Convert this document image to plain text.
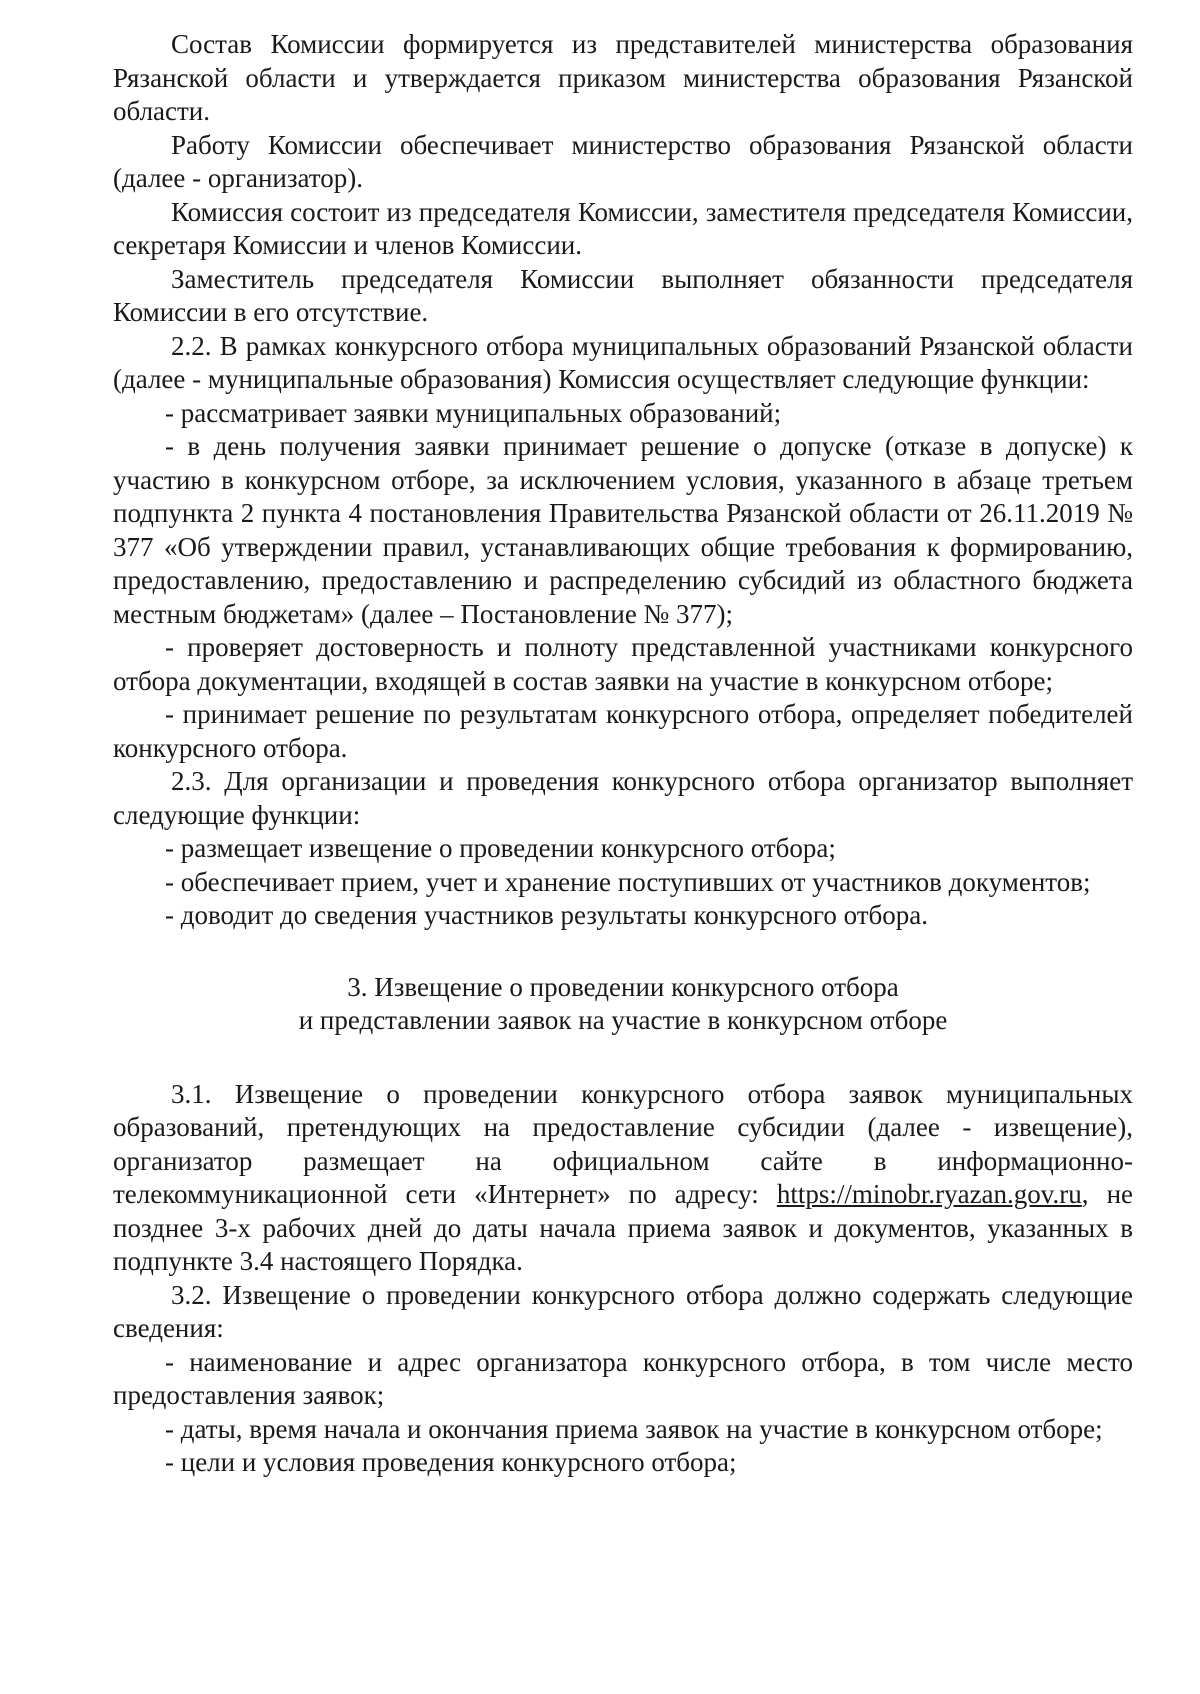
Состав Комиссии формируется из представителей министерства образования Рязанской области и утверждается приказом министерства образования Рязанской области.

Работу Комиссии обеспечивает министерство образования Рязанской области (далее - организатор).

Комиссия состоит из председателя Комиссии, заместителя председателя Комиссии, секретаря Комиссии и членов Комиссии.

Заместитель председателя Комиссии выполняет обязанности председателя Комиссии в его отсутствие.

2.2. В рамках конкурсного отбора муниципальных образований Рязанской области (далее - муниципальные образования) Комиссия осуществляет следующие функции:

- рассматривает заявки муниципальных образований;

- в день получения заявки принимает решение о допуске (отказе в допуске) к участию в конкурсном отборе, за исключением условия, указанного в абзаце третьем подпункта 2 пункта 4 постановления Правительства Рязанской области от 26.11.2019 № 377 «Об утверждении правил, устанавливающих общие требования к формированию, предоставлению, предоставлению и распределению субсидий из областного бюджета местным бюджетам» (далее – Постановление № 377);

- проверяет достоверность и полноту представленной участниками конкурсного отбора документации, входящей в состав заявки на участие в конкурсном отборе;

- принимает решение по результатам конкурсного отбора, определяет победителей конкурсного отбора.

2.3. Для организации и проведения конкурсного отбора организатор выполняет следующие функции:

- размещает извещение о проведении конкурсного отбора;

- обеспечивает прием, учет и хранение поступивших от участников документов;

- доводит до сведения участников результаты конкурсного отбора.

3. Извещение о проведении конкурсного отбора
и представлении заявок на участие в конкурсном отборе

3.1. Извещение о проведении конкурсного отбора заявок муниципальных образований, претендующих на предоставление субсидии (далее - извещение), организатор размещает на официальном сайте в информационно-телекоммуникационной сети «Интернет» по адресу: https://minobr.ryazan.gov.ru, не позднее 3-х рабочих дней до даты начала приема заявок и документов, указанных в подпункте 3.4 настоящего Порядка.

3.2. Извещение о проведении конкурсного отбора должно содержать следующие сведения:

- наименование и адрес организатора конкурсного отбора, в том числе место предоставления заявок;

- даты, время начала и окончания приема заявок на участие в конкурсном отборе;

- цели и условия проведения конкурсного отбора;
